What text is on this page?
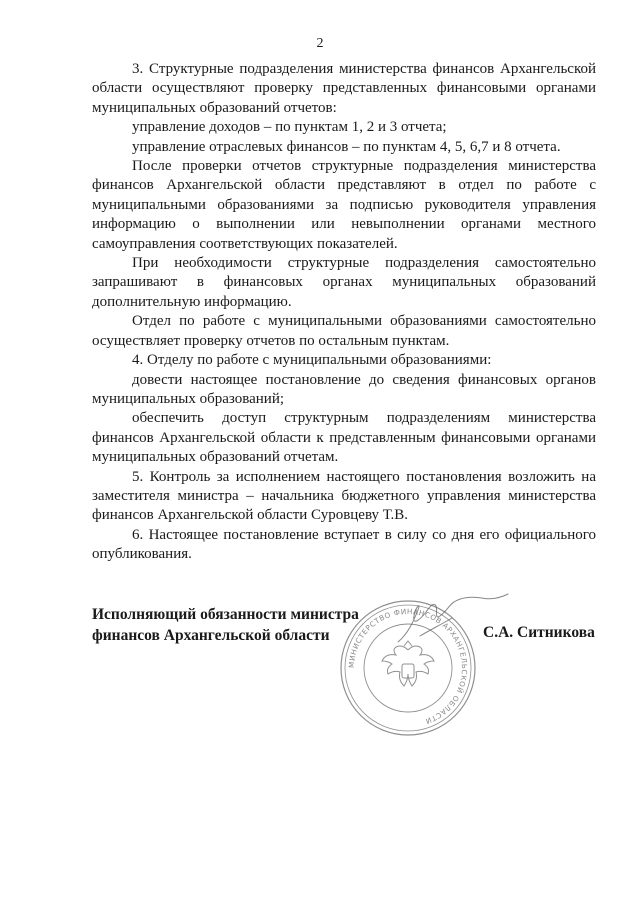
2

3. Структурные подразделения министерства финансов Архангельской области осуществляют проверку представленных финансовыми органами муниципальных образований отчетов:

управление доходов – по пунктам 1, 2 и 3 отчета;

управление отраслевых финансов – по пунктам 4, 5, 6,7 и 8 отчета.

После проверки отчетов структурные подразделения министерства финансов Архангельской области представляют в отдел по работе с муниципальными образованиями за подписью руководителя управления информацию о выполнении или невыполнении органами местного самоуправления соответствующих показателей.

При необходимости структурные подразделения самостоятельно запрашивают в финансовых органах муниципальных образований дополнительную информацию.

Отдел по работе с муниципальными образованиями самостоятельно осуществляет проверку отчетов по остальным пунктам.

4. Отделу по работе с муниципальными образованиями:

довести настоящее постановление до сведения финансовых органов муниципальных образований;

обеспечить доступ структурным подразделениям министерства финансов Архангельской области к представленным финансовыми органами муниципальных образований отчетам.

5. Контроль за исполнением настоящего постановления возложить на заместителя министра – начальника бюджетного управления министерства финансов Архангельской области Суровцеву Т.В.

6. Настоящее постановление вступает в силу со дня его официального опубликования.

Исполняющий обязанности министра
финансов Архангельской области
МИНИСТЕРСТВО ФИНАНСОВ АРХАНГЕЛЬСКОЙ ОБЛАСТИ
С.А. Ситникова
